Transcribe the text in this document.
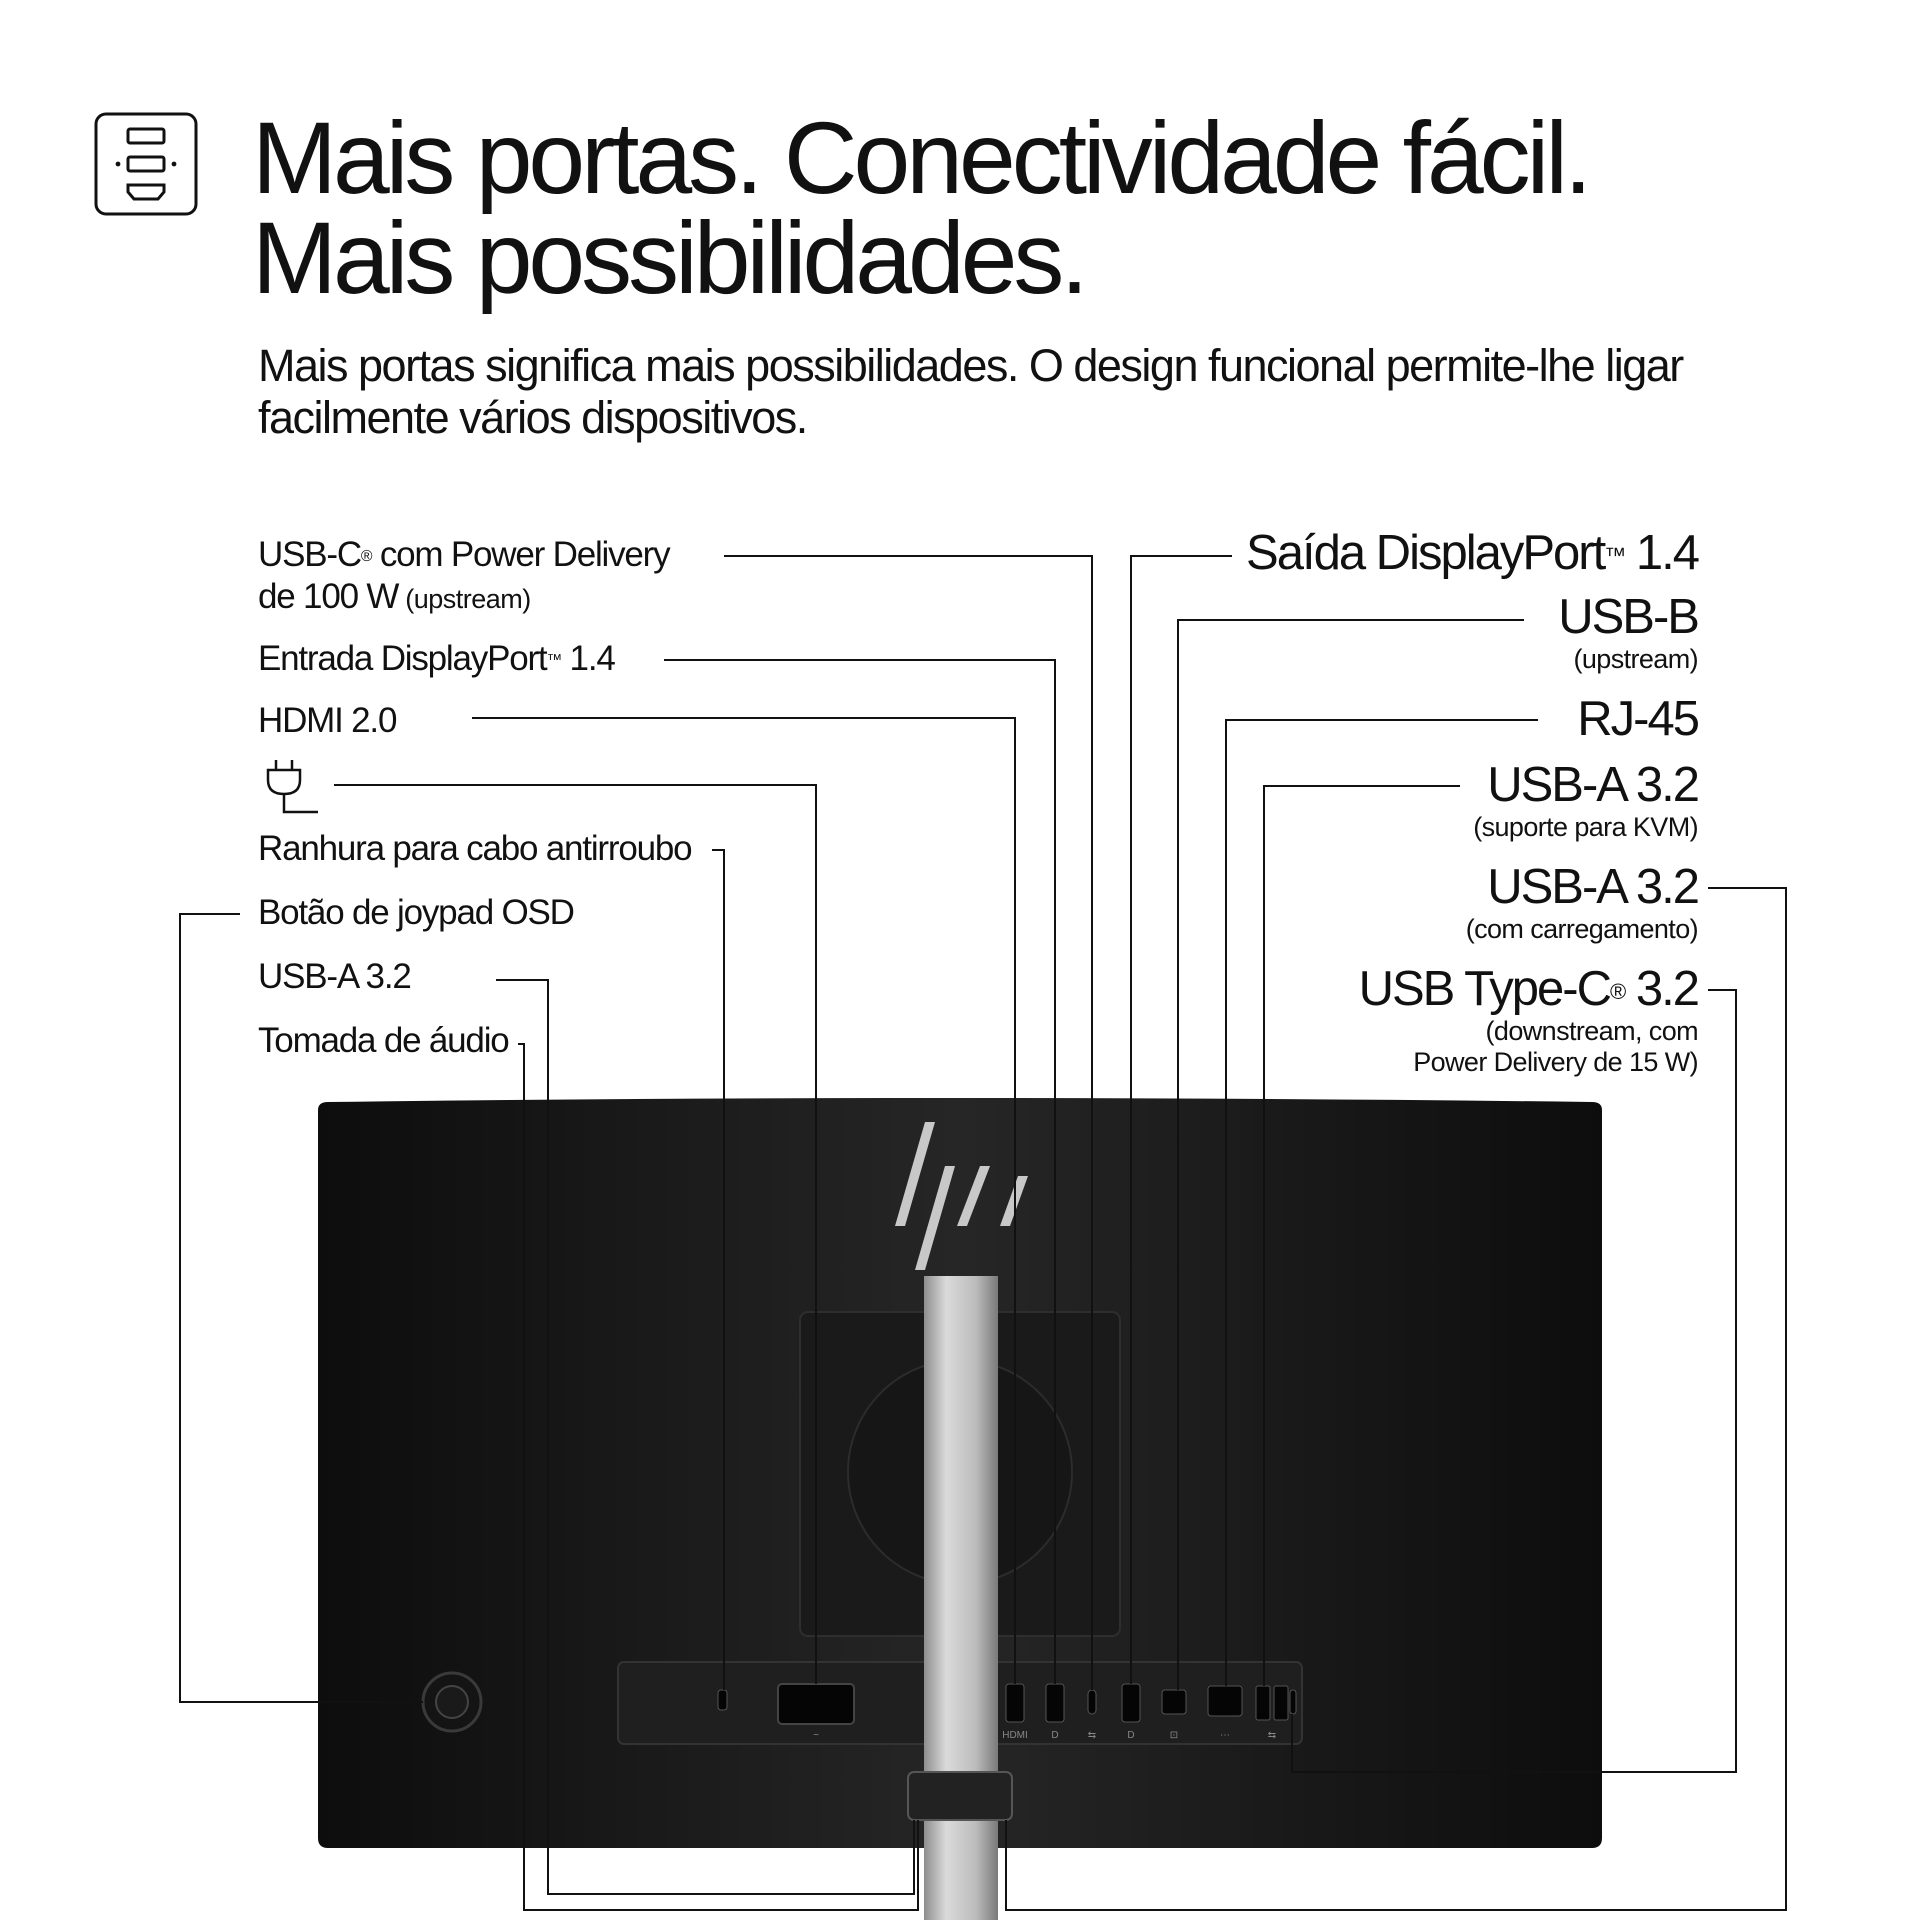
Mais portas. Conectividade fácil.
Mais possibilidades.

Mais portas significa mais possibilidades. O design funcional permite-lhe ligar facilmente vários dispositivos.

HDMI D	⇆	D	⊡	⋯	⇆
~
USB-C® com Power Delivery
de 100 W (upstream)
Entrada DisplayPort™ 1.4
HDMI 2.0
Ranhura para cabo antirroubo
Botão de joypad OSD
USB-A 3.2
Tomada de áudio
Saída DisplayPort™ 1.4
USB-B
(upstream)
RJ-45
USB-A 3.2
(suporte para KVM)
USB-A 3.2
(com carregamento)
USB Type-C® 3.2
(downstream, com
Power Delivery de 15 W)
